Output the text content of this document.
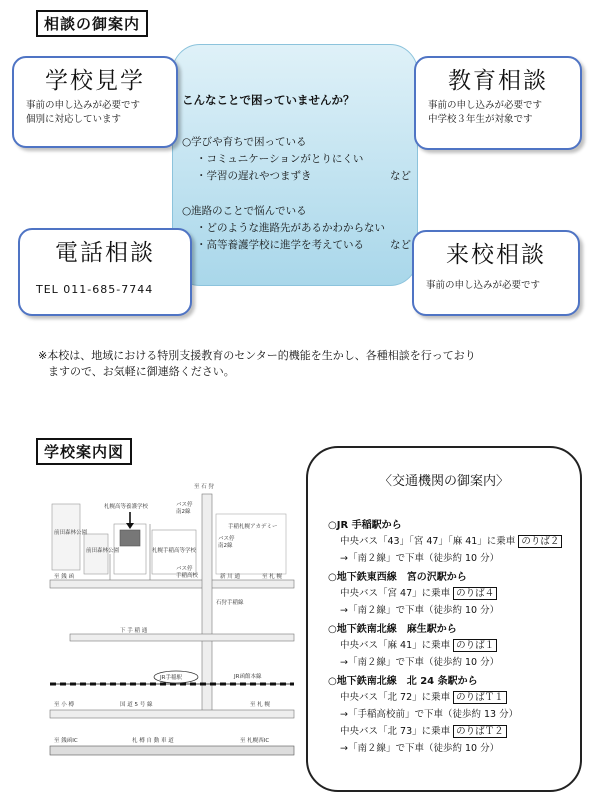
相談の御案内
こんなことで困っていませんか？
○学びや育ちで困っている
・コミュニケーションがとりにくい
・学習の遅れやつまずき	など
○進路のことで悩んでいる
・どのような進路先があるかわからない
・高等養護学校に進学を考えている など
学校見学
事前の申し込みが必要です
個別に対応しています
教育相談
事前の申し込みが必要です
中学校３年生が対象です
電話相談
TEL 011-685-7744
来校相談
事前の申し込みが必要です
※本校は、地域における特別支援教育のセンター的機能を生かし、各種相談を行っており
ますので、お気軽に御連絡ください。
学校案内図
至 石 狩
札幌高等養護学校	バス停
南2線
前田森林公園
前田森林公園	札幌手稲高等学校
手稲札幌アカデミー
バス停
南2線
バス停
手稲高校
至 銭 函	新 川 通	至 札 幌
石狩手稲線
下 手 稲 通
JR手稲駅	JR函館本線
至 小 樽	国 道 5 号 線	至 札 幌
至 銭函IC	札 樽 自 動 車 道	至 札幌西IC
〈交通機関の御案内〉
○JR 手稲駅から
中央バス「43」「宮 47」「麻 41」に乗車 のりば２
→「南２線」で下車（徒歩約 10 分）
○地下鉄東西線　宮の沢駅から
中央バス「宮 47」に乗車 のりば４
→「南２線」で下車（徒歩約 10 分）
○地下鉄南北線　麻生駅から
中央バス「麻 41」に乗車 のりば１
→「南２線」で下車（徒歩約 10 分）
○地下鉄南北線　北 24 条駅から
中央バス「北 72」に乗車 のりばＴ１
→「手稲高校前」で下車（徒歩約 13 分）
中央バス「北 73」に乗車 のりばＴ２
→「南２線」で下車（徒歩約 10 分）
